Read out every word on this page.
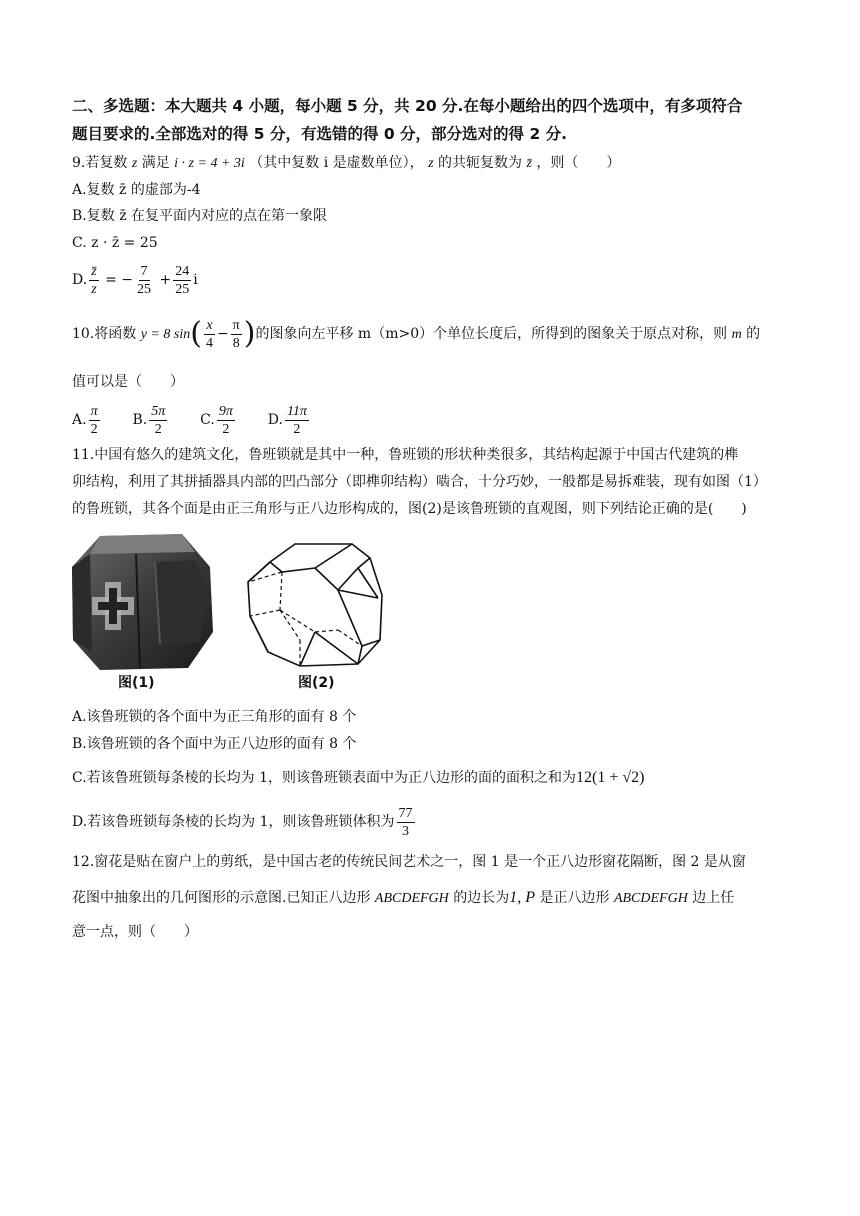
二、多选题：本大题共 4 小题，每小题 5 分，共 20 分.在每小题给出的四个选项中，有多项符合
题目要求的.全部选对的得 5 分，有选错的得 0 分，部分选对的得 2 分.
9.若复数 z 满足 i · z = 4 + 3i （其中复数 i 是虚数单位）， z 的共轭复数为 z̄ ，则（　　）
A.复数 z̄ 的虚部为-4
B.复数 z̄ 在复平面内对应的点在第一象限
C. z · z̄ = 25
D. $\frac{z̄}{z}$ = − $\frac{7}{25} + \frac{24}{25}$ i
10.将函数 y = 8 $\sin( \frac{x}{4} - \frac{\pi}{8}$ )的图象向左平移 m（m>0）个单位长度后，所得到的图象关于原点对称，则 m 的
值可以是（　　）
A. $\frac{\pi}{2} B$. $\frac{5\pi}{2} C$. $\frac{9\pi}{2} D$. $\frac{11\pi}{2}$
11.中国有悠久的建筑文化，鲁班锁就是其中一种，鲁班锁的形状种类很多，其结构起源于中国古代建筑的榫
卯结构，利用了其拼插器具内部的凹凸部分（即榫卯结构）啮合，十分巧妙，一般都是易拆难装，现有如图（1）
的鲁班锁，其各个面是由正三角形与正八边形构成的，图(2)是该鲁班锁的直观图，则下列结论正确的是(　　)
图(1)	图(2)
A.该鲁班锁的各个面中为正三角形的面有 8 个
B.该鲁班锁的各个面中为正八边形的面有 8 个
C.若该鲁班锁每条棱的长均为 1，则该鲁班锁表面中为正八边形的面的面积之和为12(1 + √2)
D.若该鲁班锁每条棱的长均为 1，则该鲁班锁体积为 $\frac{77}{3}$
12.窗花是贴在窗户上的剪纸，是中国古老的传统民间艺术之一，图 1 是一个正八边形窗花隔断，图 2 是从窗
花图中抽象出的几何图形的示意图.已知正八边形 ABCDEFGH 的边长为1, P 是正八边形 ABCDEFGH 边上任
意一点，则（　　）
